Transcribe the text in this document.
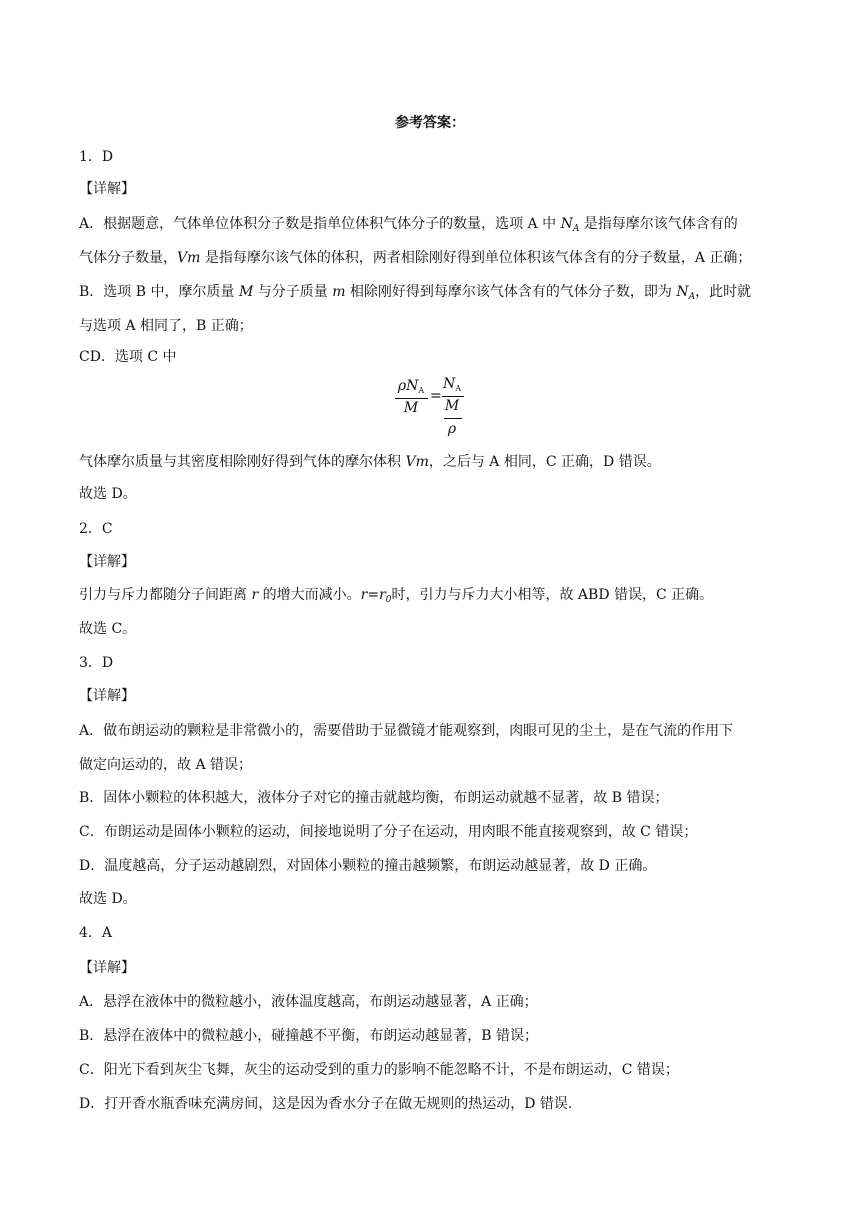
参考答案：
1．D
【详解】
A．根据题意，气体单位体积分子数是指单位体积气体分子的数量，选项 A 中 $N_A$ 是指每摩尔该气体含有的
气体分子数量，Vm 是指每摩尔该气体的体积，两者相除刚好得到单位体积该气体含有的分子数量，A 正确；
B．选项 B 中，摩尔质量 M 与分子质量 m 相除刚好得到每摩尔该气体含有的气体分子数，即为 $N_A$，此时就
与选项 A 相同了，B 正确；
CD．选项 C 中
$\rho N_A$
M
=
$N_A$
M
ρ
气体摩尔质量与其密度相除刚好得到气体的摩尔体积 Vm，之后与 A 相同，C 正确，D 错误。
故选 D。
2．C
【详解】
引力与斥力都随分子间距离 r 的增大而减小。$r=r_0$时，引力与斥力大小相等，故 ABD 错误，C 正确。
故选 C。
3．D
【详解】
A．做布朗运动的颗粒是非常微小的，需要借助于显微镜才能观察到，肉眼可见的尘土，是在气流的作用下
做定向运动的，故 A 错误；
B．固体小颗粒的体积越大，液体分子对它的撞击就越均衡，布朗运动就越不显著，故 B 错误；
C．布朗运动是固体小颗粒的运动，间接地说明了分子在运动，用肉眼不能直接观察到，故 C 错误；
D．温度越高，分子运动越剧烈，对固体小颗粒的撞击越频繁，布朗运动越显著，故 D 正确。
故选 D。
4．A
【详解】
A．悬浮在液体中的微粒越小，液体温度越高，布朗运动越显著，A 正确；
B．悬浮在液体中的微粒越小，碰撞越不平衡，布朗运动越显著，B 错误；
C．阳光下看到灰尘飞舞，灰尘的运动受到的重力的影响不能忽略不计，不是布朗运动，C 错误；
D．打开香水瓶香味充满房间，这是因为香水分子在做无规则的热运动，D 错误.
